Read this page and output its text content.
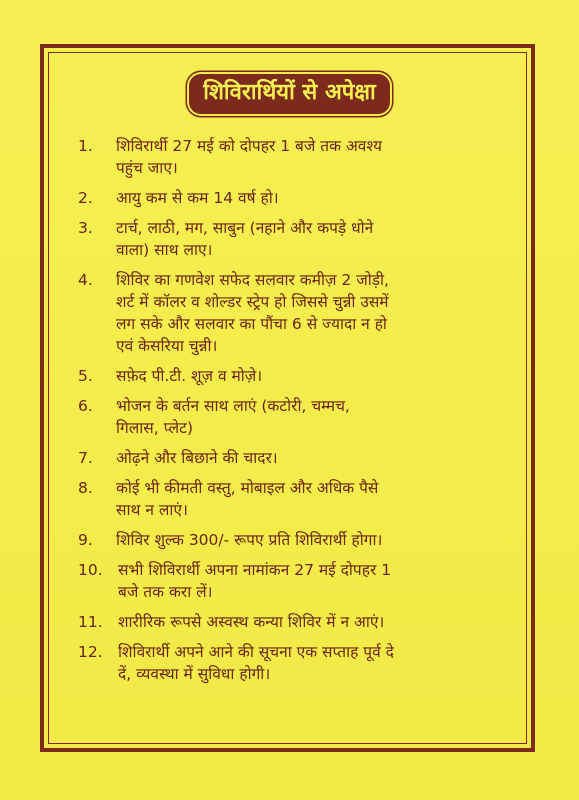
शिविरार्थियों से अपेक्षा
1.	शिविरार्थी 27 मई को दोपहर 1 बजे तक अवश्य
पहुंच जाए।
2.	आयु कम से कम 14 वर्ष हो।
3.	टार्च, लाठी, मग, साबुन (नहाने और कपड़े धोने
वाला) साथ लाए।
4.	शिविर का गणवेश सफेद सलवार कमीज़ 2 जोड़ी,
शर्ट में कॉलर व शोल्डर स्ट्रेप हो जिससे चुन्नी उसमें
लग सके और सलवार का पौंचा 6 से ज्यादा न हो
एवं केसरिया चुन्नी।
5.	सफ़ेद पी.टी. शूज़ व मोज़े।
6.	भोजन के बर्तन साथ लाएं (कटोरी, चम्मच,
गिलास, प्लेट)
7.	ओढ़ने और बिछाने की चादर।
8.	कोई भी कीमती वस्तु, मोबाइल और अधिक पैसे
साथ न लाएं।
9.	शिविर शुल्क 300/- रूपए प्रति शिविरार्थी होगा।
10. सभी शिविरार्थी अपना नामांकन 27 मई दोपहर 1
बजे तक करा लें।
11. शारीरिक रूपसे अस्वस्थ कन्या शिविर में न आएं।
12. शिविरार्थी अपने आने की सूचना एक सप्ताह पूर्व दे
दें, व्यवस्था में सुविधा होगी।
